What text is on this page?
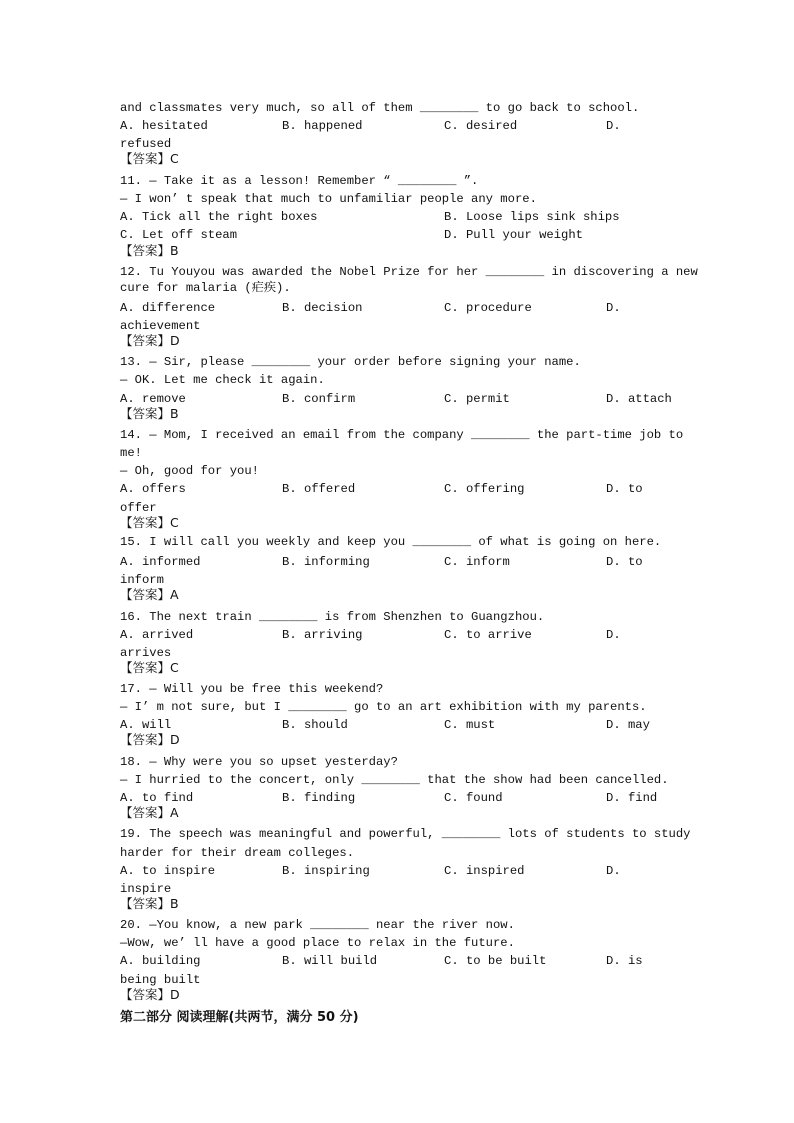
and classmates very much, so all of them ________ to go back to school.
A. hesitated	B. happened	C. desired	D.
refused
【答案】C
11. — Take it as a lesson! Remember “ ________ ”.
— I won’ t speak that much to unfamiliar people any more.
A. Tick all the right boxes	B. Loose lips sink ships
C. Let off steam	D. Pull your weight
【答案】B
12. Tu Youyou was awarded the Nobel Prize for her ________ in discovering a new
cure for malaria (疟疾).
A. difference	B. decision	C. procedure	D.
achievement
【答案】D
13. — Sir, please ________ your order before signing your name.
— OK. Let me check it again.
A. remove	B. confirm	C. permit	D. attach
【答案】B
14. — Mom, I received an email from the company ________ the part-time job to
me!
— Oh, good for you!
A. offers	B. offered	C. offering	D. to
offer
【答案】C
15. I will call you weekly and keep you ________ of what is going on here.
A. informed	B. informing	C. inform	D. to
inform
【答案】A
16. The next train ________ is from Shenzhen to Guangzhou.
A. arrived	B. arriving	C. to arrive	D.
arrives
【答案】C
17. — Will you be free this weekend?
— I’ m not sure, but I ________ go to an art exhibition with my parents.
A. will	B. should	C. must	D. may
【答案】D
18. — Why were you so upset yesterday?
— I hurried to the concert, only ________ that the show had been cancelled.
A. to find	B. finding	C. found	D. find
【答案】A
19. The speech was meaningful and powerful, ________ lots of students to study
harder for their dream colleges.
A. to inspire	B. inspiring	C. inspired	D.
inspire
【答案】B
20. —You know, a new park ________ near the river now.
—Wow, we’ ll have a good place to relax in the future.
A. building	B. will build	C. to be built	D. is
being built
【答案】D
第二部分 阅读理解(共两节，满分 50 分)
